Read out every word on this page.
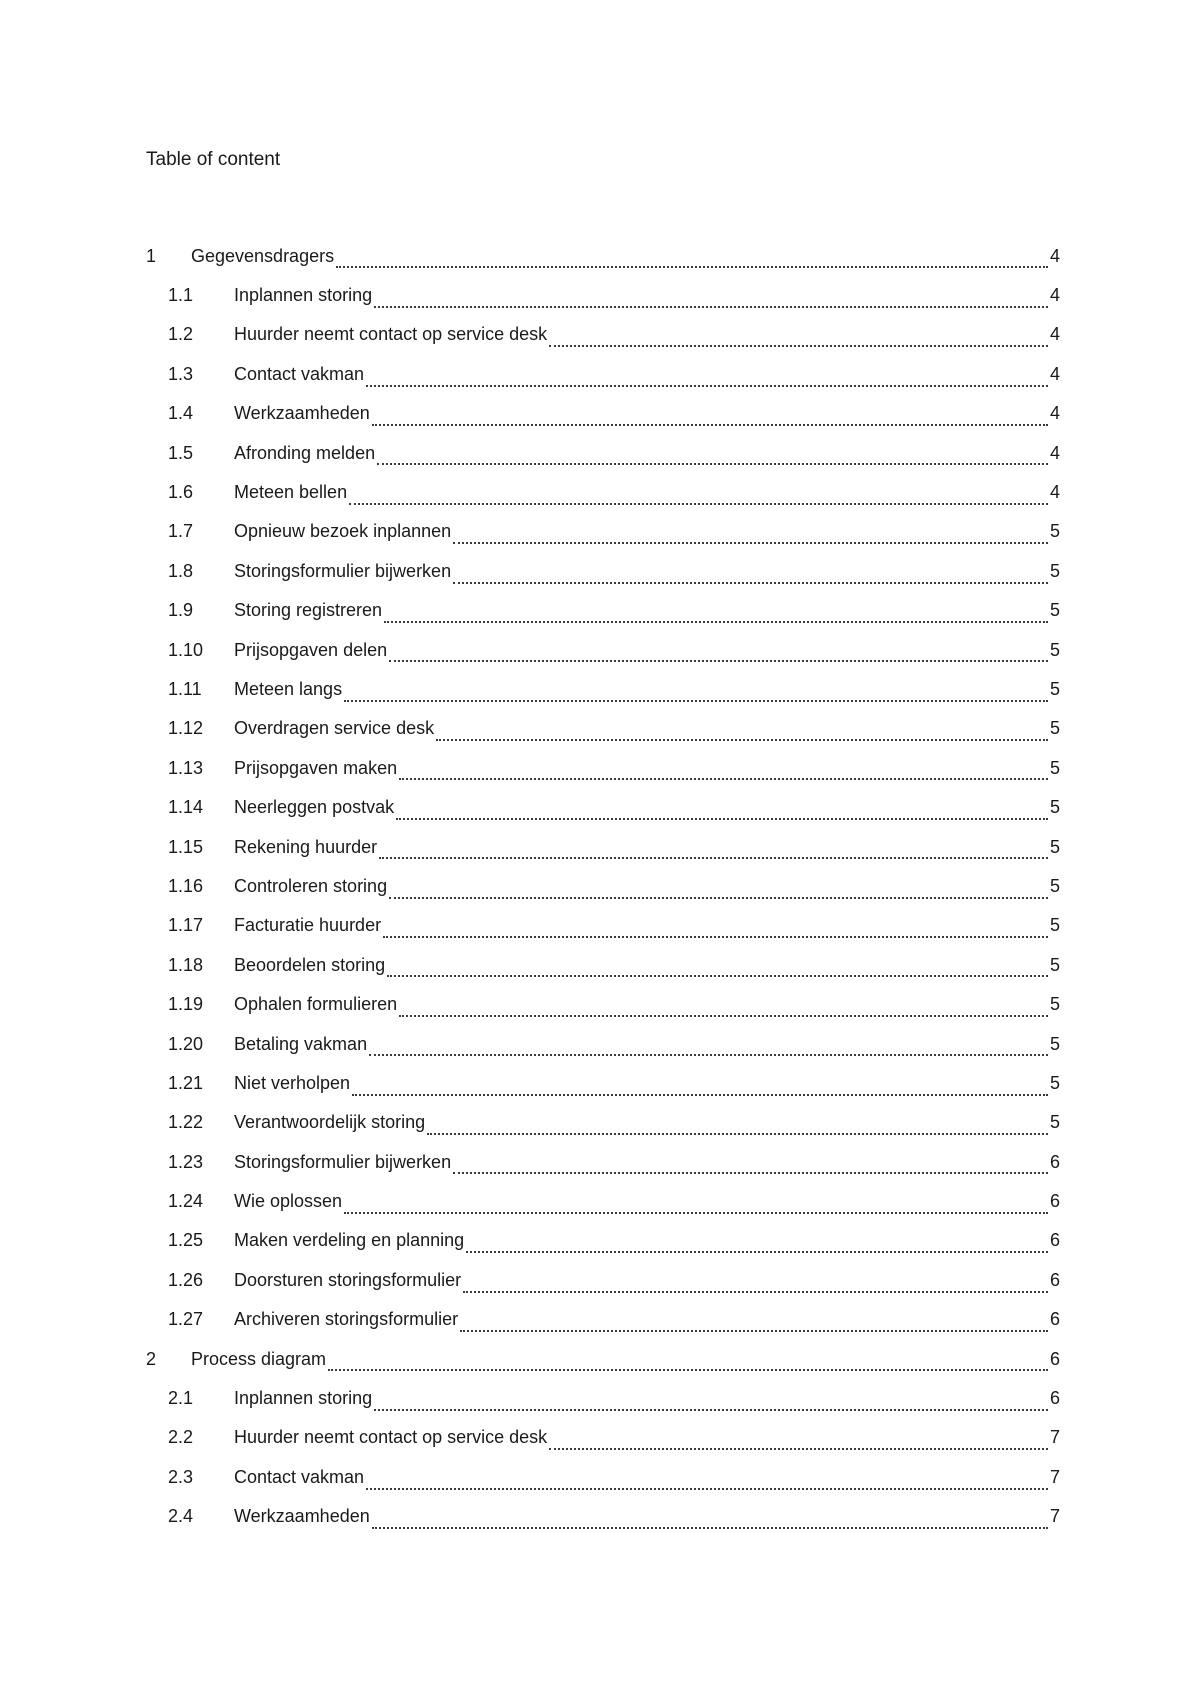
Table of content
1	Gegevensdragers	4
1.1	Inplannen storing	4
1.2	Huurder neemt contact op service desk	4
1.3	Contact vakman	4
1.4	Werkzaamheden	4
1.5	Afronding melden	4
1.6	Meteen bellen	4
1.7	Opnieuw bezoek inplannen	5
1.8	Storingsformulier bijwerken	5
1.9	Storing registreren	5
1.10	Prijsopgaven delen	5
1.11	Meteen langs	5
1.12	Overdragen service desk	5
1.13	Prijsopgaven maken	5
1.14	Neerleggen postvak	5
1.15	Rekening huurder	5
1.16	Controleren storing	5
1.17	Facturatie huurder	5
1.18	Beoordelen storing	5
1.19	Ophalen formulieren	5
1.20	Betaling vakman	5
1.21	Niet verholpen	5
1.22	Verantwoordelijk storing	5
1.23	Storingsformulier bijwerken	6
1.24	Wie oplossen	6
1.25	Maken verdeling en planning	6
1.26	Doorsturen storingsformulier	6
1.27	Archiveren storingsformulier	6
2	Process diagram	6
2.1	Inplannen storing	6
2.2	Huurder neemt contact op service desk	7
2.3	Contact vakman	7
2.4	Werkzaamheden	7
